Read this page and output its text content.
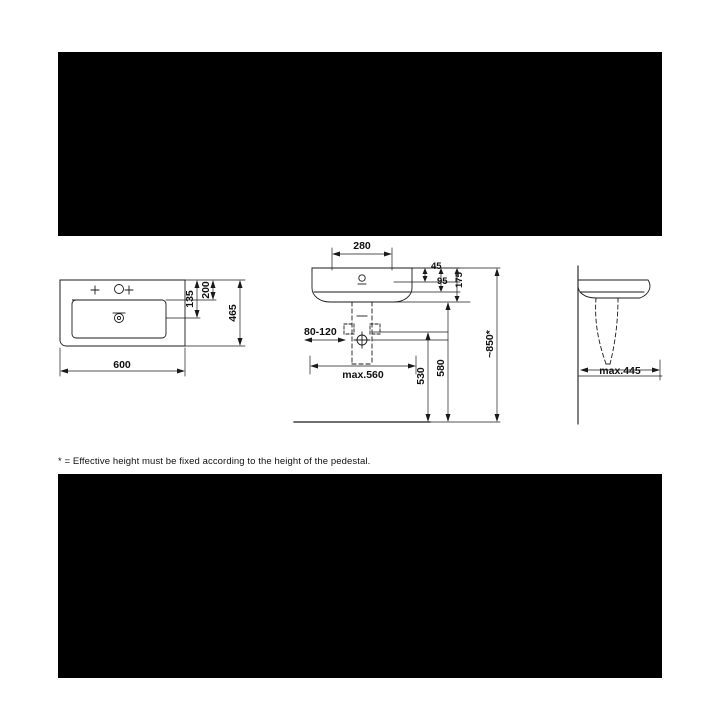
600
465
200
135
280
45
95 175
80-120
max.560	530 580
~850*
max.445
* = Effective height must be fixed according to the height of the pedestal.
